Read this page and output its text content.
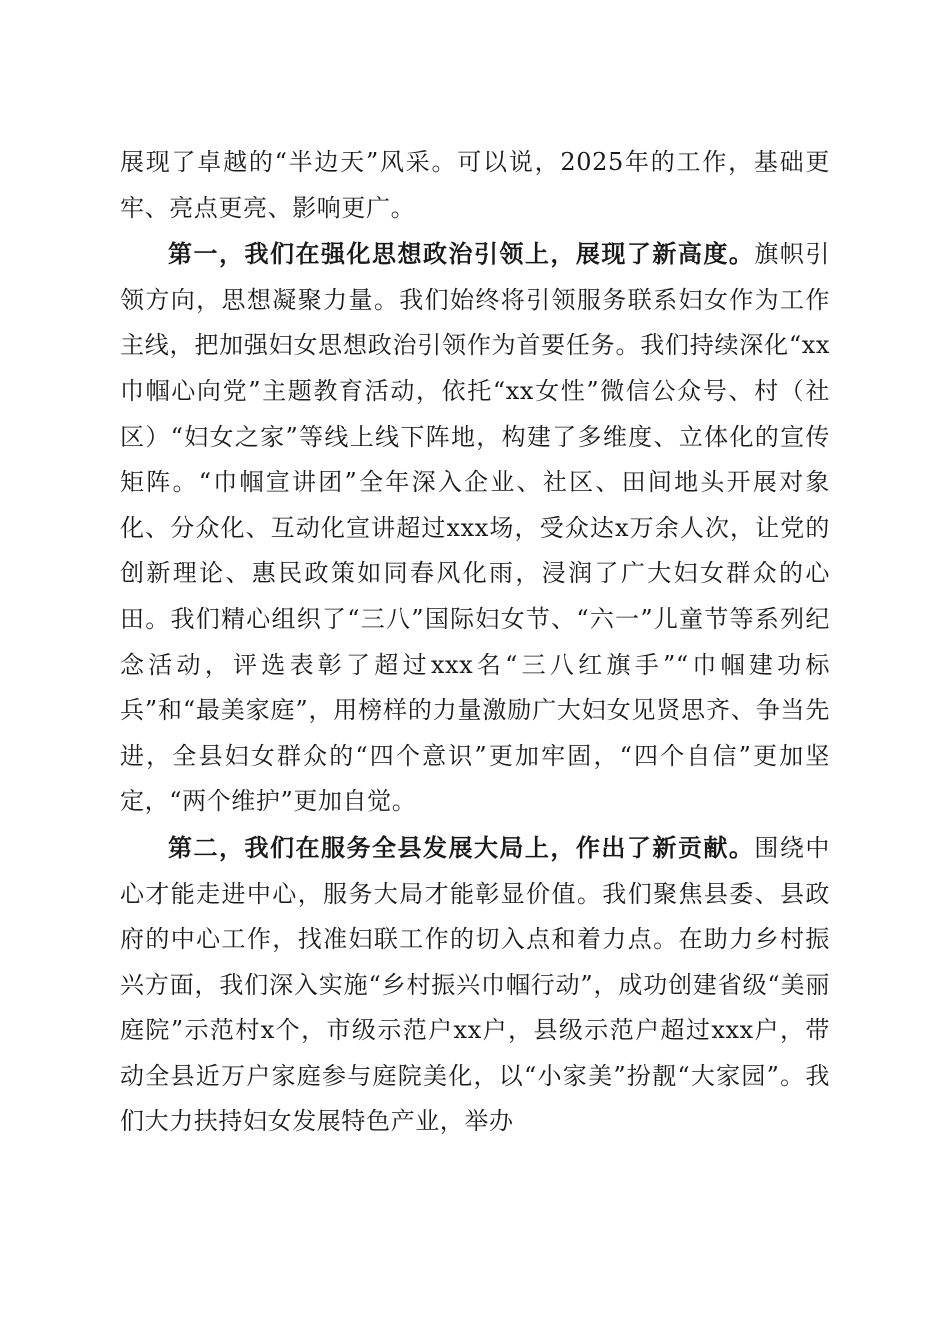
展现了卓越的“半边天”风采。可以说，2025年的工作，基础更牢、亮点更亮、影响更广。

第一，我们在强化思想政治引领上，展现了新高度。旗帜引领方向，思想凝聚力量。我们始终将引领服务联系妇女作为工作主线，把加强妇女思想政治引领作为首要任务。我们持续深化“xx巾帼心向党”主题教育活动，依托“xx女性”微信公众号、村（社区）“妇女之家”等线上线下阵地，构建了多维度、立体化的宣传矩阵。“巾帼宣讲团”全年深入企业、社区、田间地头开展对象化、分众化、互动化宣讲超过xxx场，受众达x万余人次，让党的创新理论、惠民政策如同春风化雨，浸润了广大妇女群众的心田。我们精心组织了“三八”国际妇女节、“六一”儿童节等系列纪念活动，评选表彰了超过xxx名“三八红旗手”“巾帼建功标兵”和“最美家庭”，用榜样的力量激励广大妇女见贤思齐、争当先进，全县妇女群众的“四个意识”更加牢固，“四个自信”更加坚定，“两个维护”更加自觉。

第二，我们在服务全县发展大局上，作出了新贡献。围绕中心才能走进中心，服务大局才能彰显价值。我们聚焦县委、县政府的中心工作，找准妇联工作的切入点和着力点。在助力乡村振兴方面，我们深入实施“乡村振兴巾帼行动”，成功创建省级“美丽庭院”示范村x个，市级示范户xx户，县级示范户超过xxx户，带动全县近万户家庭参与庭院美化，以“小家美”扮靓“大家园”。我们大力扶持妇女发展特色产业，举办
